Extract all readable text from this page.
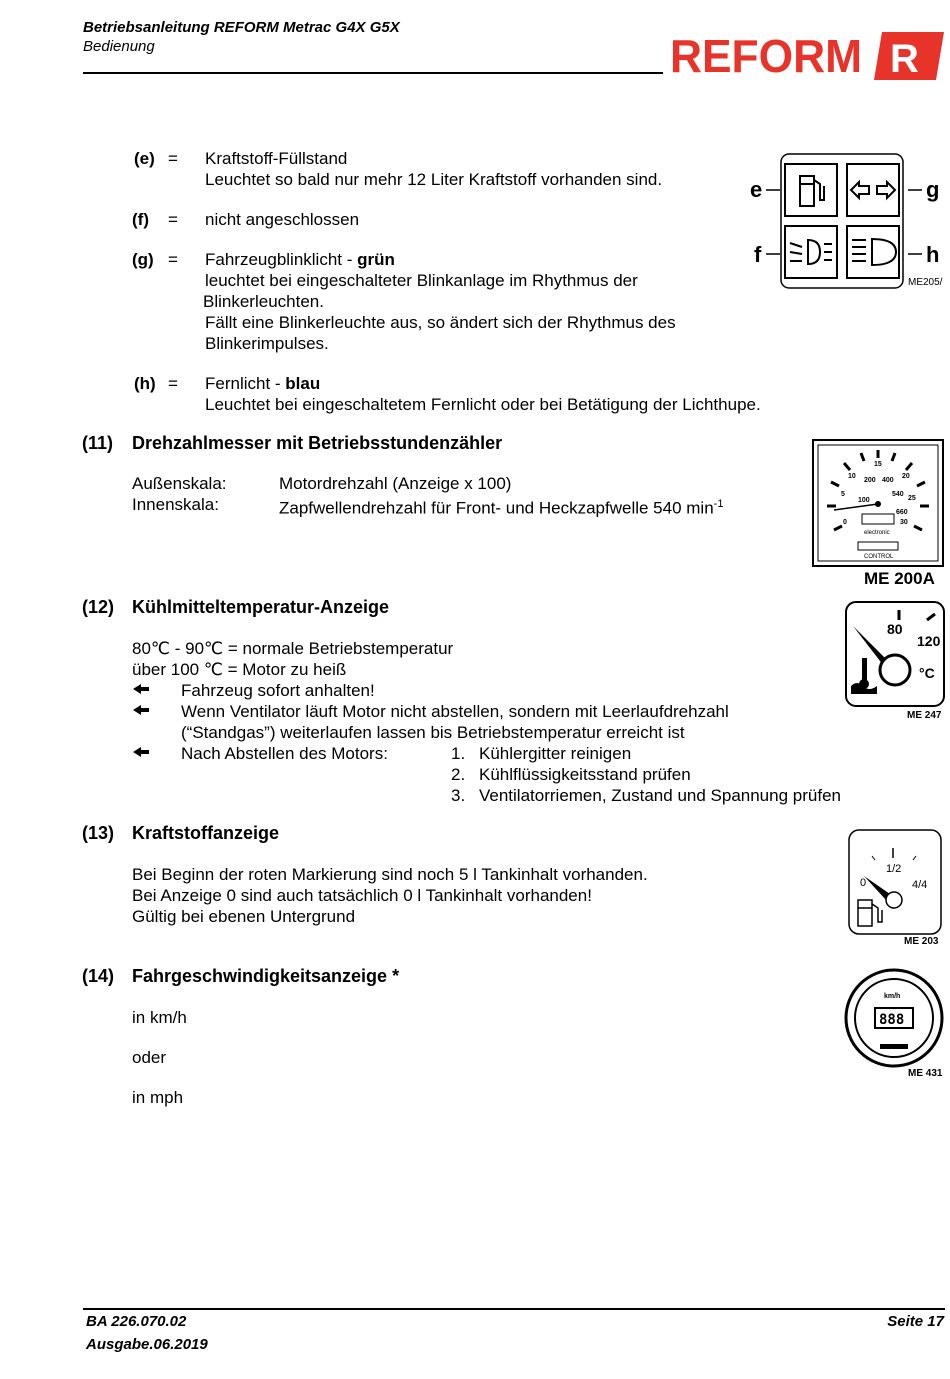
Betriebsanleitung REFORM Metrac G4X G5X
Bedienung	REFORM R
(e) = Kraftstoff-Füllstand
Leuchtet so bald nur mehr 12 Liter Kraftstoff vorhanden sind.
(f) = nicht angeschlossen
(g) = Fahrzeugblinklicht - grün
leuchtet bei eingeschalteter Blinkanlage im Rhythmus der
Blinkerleuchten.
Fällt eine Blinkerleuchte aus, so ändert sich der Rhythmus des
Blinkerimpulses.
(h) = Fernlicht - blau
Leuchtet bei eingeschaltetem Fernlicht oder bei Betätigung der Lichthupe.
e
f
g
h
ME205/
(11) Drehzahlmesser mit Betriebsstundenzähler
Außenskala:	Motordrehzahl (Anzeige x 100)
Innenskala:	Zapfwellendrehzahl für Front- und Heckzapfwelle 540 $\min^{-1}$
0
5
10
15
20
25
30
100
200 400
540
660
electronic
CONTROL
ME 200A
(12) Kühlmitteltemperatur-Anzeige
80℃ - 90℃ = normale Betriebstemperatur
über 100 ℃ = Motor zu heiß
Fahrzeug sofort anhalten!
Wenn Ventilator läuft Motor nicht abstellen, sondern mit Leerlaufdrehzahl
(“Standgas”) weiterlaufen lassen bis Betriebstemperatur erreicht ist
Nach Abstellen des Motors:	1. Kühlergitter reinigen
2. Kühlflüssigkeitsstand prüfen
3. Ventilatorriemen, Zustand und Spannung prüfen
80
120
°C
ME 247
(13) Kraftstoffanzeige
Bei Beginn der roten Markierung sind noch 5 l Tankinhalt vorhanden.
Bei Anzeige 0 sind auch tatsächlich 0 l Tankinhalt vorhanden!
Gültig bei ebenen Untergrund
1/2
4/4
0
ME 203
(14) Fahrgeschwindigkeitsanzeige *
in km/h
oder
in mph
km/h
888
ME 431
BA 226.070.02
Ausgabe.06.2019
Seite 17
